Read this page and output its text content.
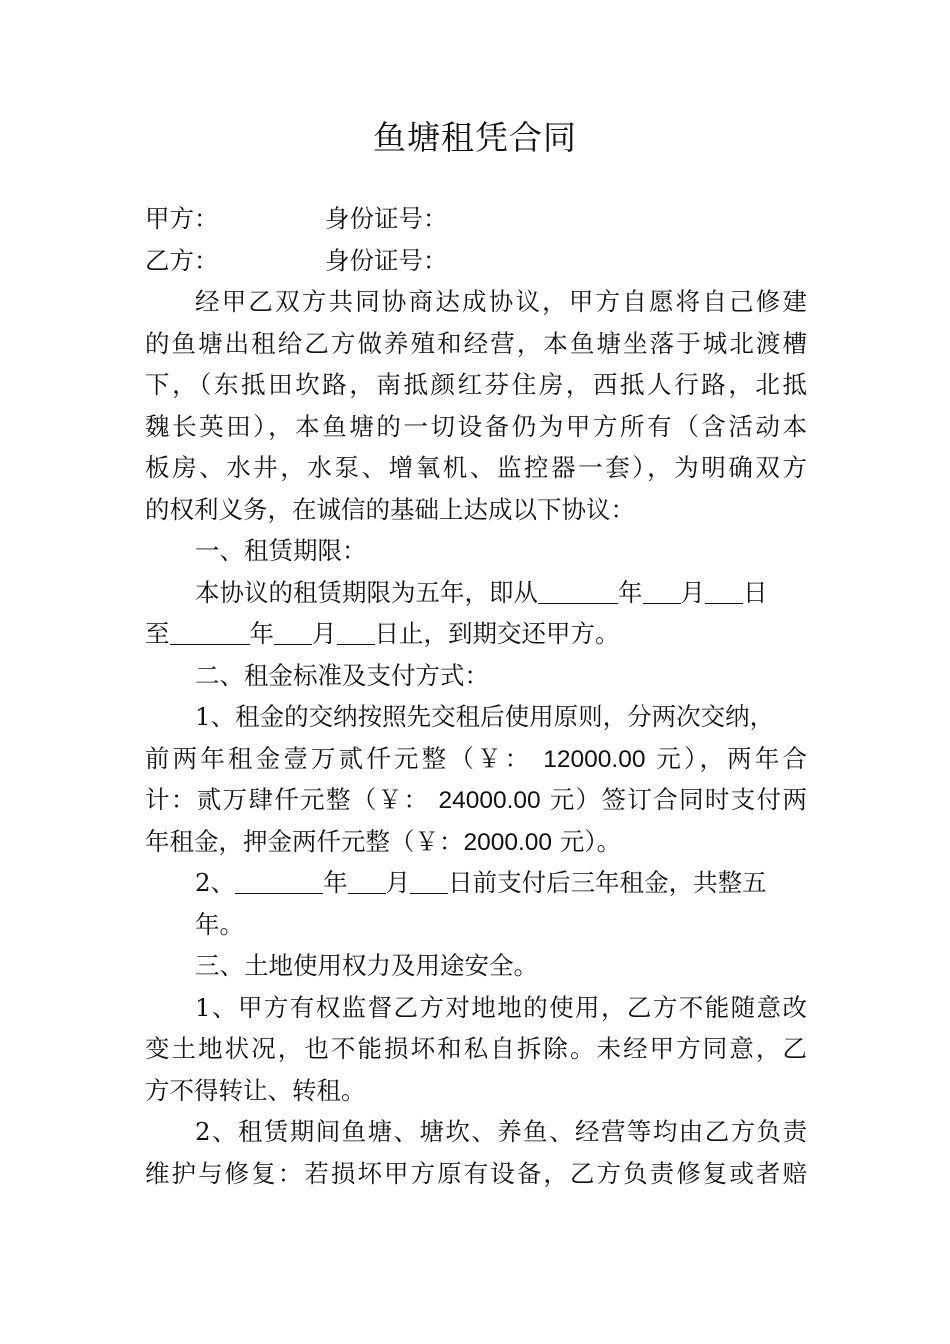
鱼塘租凭合同
甲方：	身份证号：
乙方：	身份证号：
经甲乙双方共同协商达成协议，甲方自愿将自己修建
的鱼塘出租给乙方做养殖和经营，本鱼塘坐落于城北渡槽
下，（东抵田坎路，南抵颜红芬住房，西抵人行路，北抵
魏长英田），本鱼塘的一切设备仍为甲方所有（含活动本
板房、水井，水泵、增氧机、监控器一套），为明确双方
的权利义务，在诚信的基础上达成以下协议：
一、租赁期限：
本协议的租赁期限为五年，即从	年 月 日
至	年 月 日止，到期交还甲方。
二、租金标准及支付方式：
1、租金的交纳按照先交租后使用原则，分两次交纳，
前两年租金壹万贰仟元整（￥： 12000.00 元），两年合
计：贰万肆仟元整（￥： 24000.00 元）签订合同时支付两
年租金，押金两仟元整（￥：2000.00 元）。
2、	年 月 日前支付后三年租金，共整五
年。
三、土地使用权力及用途安全。
1、甲方有权监督乙方对地地的使用，乙方不能随意改
变土地状况，也不能损坏和私自拆除。未经甲方同意，乙
方不得转让、转租。
2、租赁期间鱼塘、塘坎、养鱼、经营等均由乙方负责
维护与修复：若损坏甲方原有设备，乙方负责修复或者赔
